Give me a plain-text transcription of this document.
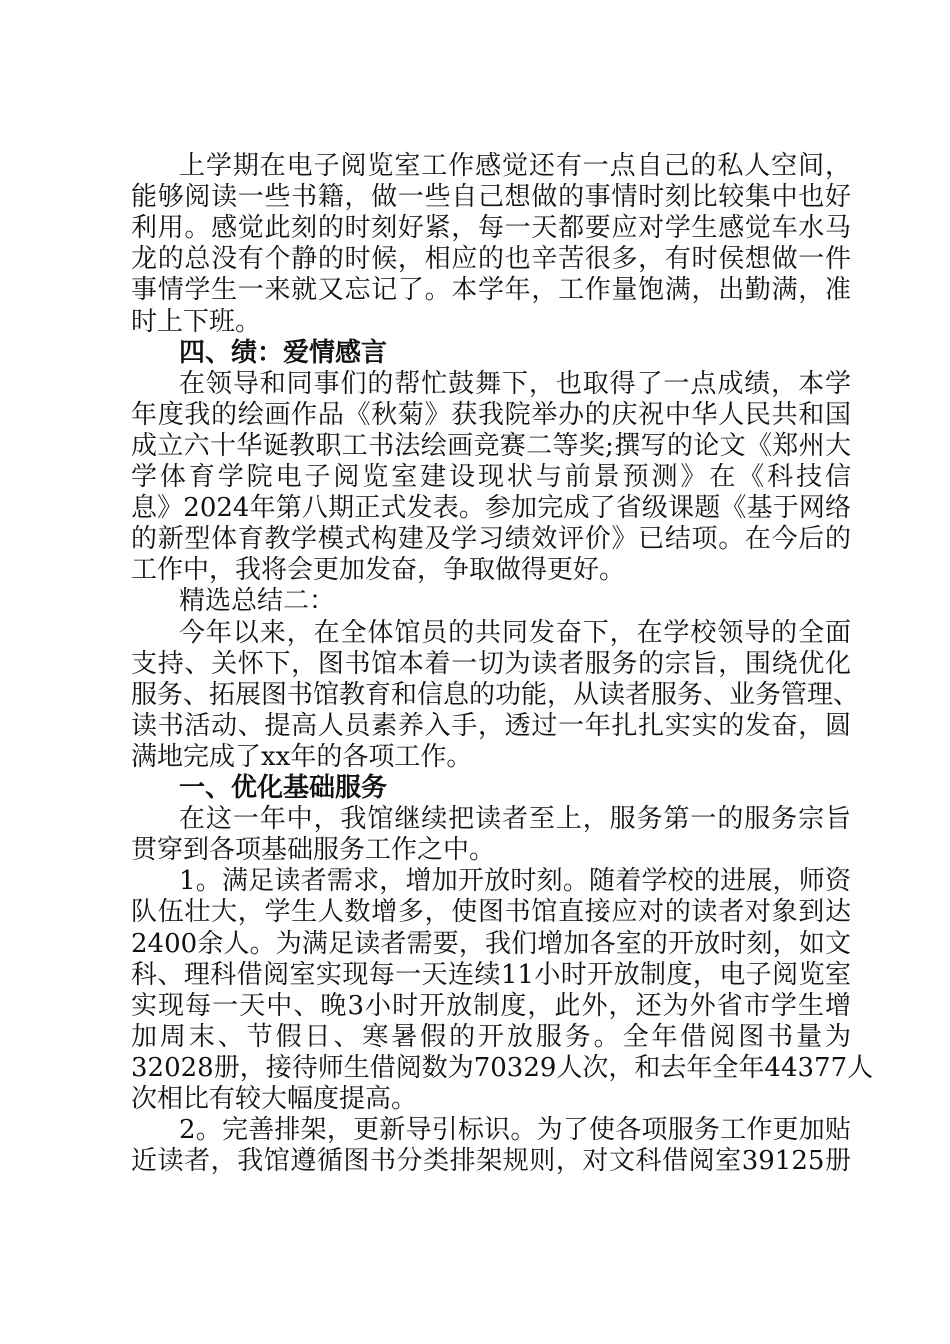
上学期在电子阅览室工作感觉还有一点自己的私人空间，
能够阅读一些书籍，做一些自己想做的事情时刻比较集中也好
利用。感觉此刻的时刻好紧，每一天都要应对学生感觉车水马
龙的总没有个静的时候，相应的也辛苦很多，有时侯想做一件
事情学生一来就又忘记了。本学年，工作量饱满，出勤满，准
时上下班。
四、绩：爱情感言
在领导和同事们的帮忙鼓舞下，也取得了一点成绩，本学
年度我的绘画作品《秋菊》获我院举办的庆祝中华人民共和国
成立六十华诞教职工书法绘画竞赛二等奖;撰写的论文《郑州大
学体育学院电子阅览室建设现状与前景预测》在《科技信
息》2024年第八期正式发表。参加完成了省级课题《基于网络
的新型体育教学模式构建及学习绩效评价》已结项。在今后的
工作中，我将会更加发奋，争取做得更好。
精选总结二：
今年以来，在全体馆员的共同发奋下，在学校领导的全面
支持、关怀下，图书馆本着一切为读者服务的宗旨，围绕优化
服务、拓展图书馆教育和信息的功能，从读者服务、业务管理、
读书活动、提高人员素养入手，透过一年扎扎实实的发奋，圆
满地完成了xx年的各项工作。
一、优化基础服务
在这一年中，我馆继续把读者至上，服务第一的服务宗旨
贯穿到各项基础服务工作之中。
1。满足读者需求，增加开放时刻。随着学校的进展，师资
队伍壮大，学生人数增多，使图书馆直接应对的读者对象到达
2400余人。为满足读者需要，我们增加各室的开放时刻，如文
科、理科借阅室实现每一天连续11小时开放制度，电子阅览室
实现每一天中、晚3小时开放制度，此外，还为外省市学生增
加周末、节假日、寒暑假的开放服务。全年借阅图书量为
32028册，接待师生借阅数为70329人次，和去年全年44377人
次相比有较大幅度提高。
2。完善排架，更新导引标识。为了使各项服务工作更加贴
近读者，我馆遵循图书分类排架规则，对文科借阅室39125册
